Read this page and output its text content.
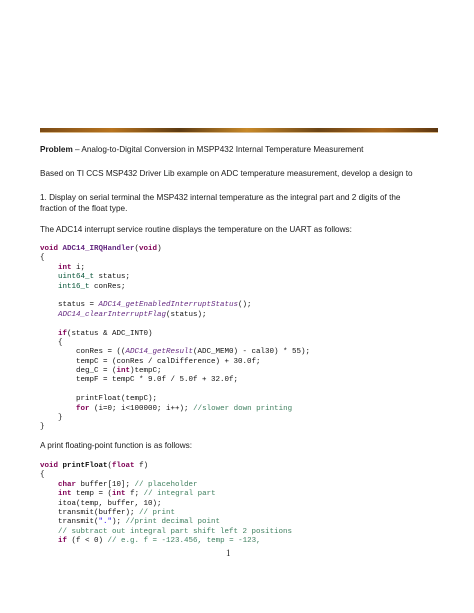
Problem – Analog-to-Digital Conversion in MSPP432 Internal Temperature Measurement
Based on TI CCS MSP432 Driver Lib example on ADC temperature measurement, develop a design to
1. Display on serial terminal the MSP432 internal temperature as the integral part and 2 digits of the
fraction of the float type.
The ADC14 interrupt service routine displays the temperature on the UART as follows:
void ADC14_IRQHandler(void)
{
int i;
uint64_t status;
int16_t conRes;
status = ADC14_getEnabledInterruptStatus();
ADC14_clearInterruptFlag(status);
if(status & ADC_INT0)
{
conRes = ((ADC14_getResult(ADC_MEM0) - cal30) * 55);
tempC = (conRes / calDifference) + 30.0f;
deg_C = (int)tempC;
tempF = tempC * 9.0f / 5.0f + 32.0f;
printFloat(tempC);
for (i=0; i<100000; i++); //slower down printing
}
}
A print floating-point function is as follows:
void printFloat(float f)
{
char buffer[10]; // placeholder
int temp = (int f; // integral part
itoa(temp, buffer, 10);
transmit(buffer); // print
transmit("."); //print decimal point
// subtract out integral part shift left 2 positions
if (f < 0) // e.g. f = -123.456, temp = -123,
1
